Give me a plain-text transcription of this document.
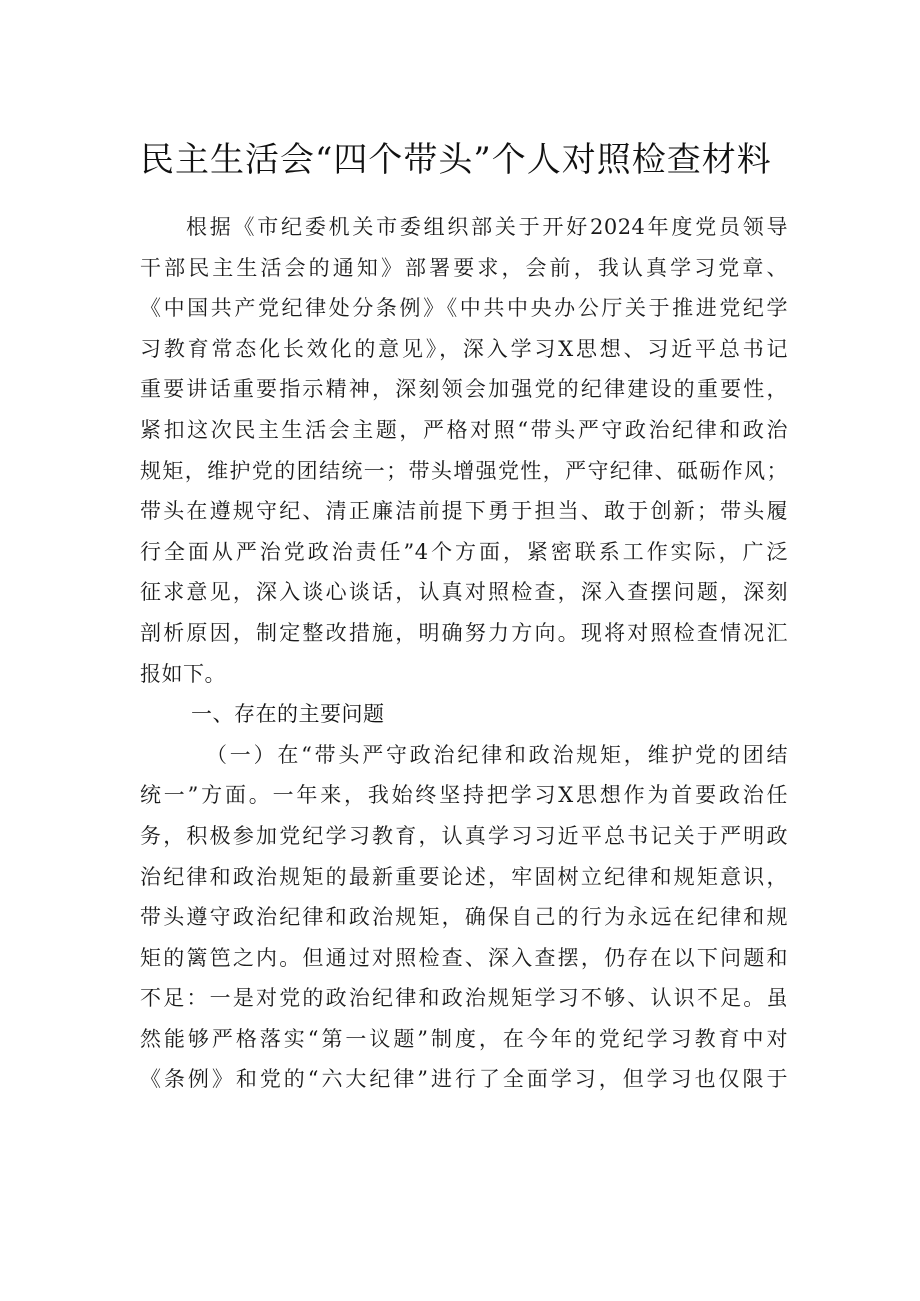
民主生活会“四个带头”个人对照检查材料
根据《市纪委机关市委组织部关于开好2024年度党员领导
干部民主生活会的通知》部署要求，会前，我认真学习党章、
《中国共产党纪律处分条例》《中共中央办公厅关于推进党纪学
习教育常态化长效化的意见》，深入学习X思想、习近平总书记
重要讲话重要指示精神，深刻领会加强党的纪律建设的重要性，
紧扣这次民主生活会主题，严格对照“带头严守政治纪律和政治
规矩，维护党的团结统一；带头增强党性，严守纪律、砥砺作风；
带头在遵规守纪、清正廉洁前提下勇于担当、敢于创新；带头履
行全面从严治党政治责任”4个方面，紧密联系工作实际，广泛
征求意见，深入谈心谈话，认真对照检查，深入查摆问题，深刻
剖析原因，制定整改措施，明确努力方向。现将对照检查情况汇
报如下。
一、存在的主要问题
（一）在“带头严守政治纪律和政治规矩，维护党的团结
统一”方面。一年来，我始终坚持把学习X思想作为首要政治任
务，积极参加党纪学习教育，认真学习习近平总书记关于严明政
治纪律和政治规矩的最新重要论述，牢固树立纪律和规矩意识，
带头遵守政治纪律和政治规矩，确保自己的行为永远在纪律和规
矩的篱笆之内。但通过对照检查、深入查摆，仍存在以下问题和
不足：一是对党的政治纪律和政治规矩学习不够、认识不足。虽
然能够严格落实“第一议题”制度，在今年的党纪学习教育中对
《条例》和党的“六大纪律”进行了全面学习，但学习也仅限于
